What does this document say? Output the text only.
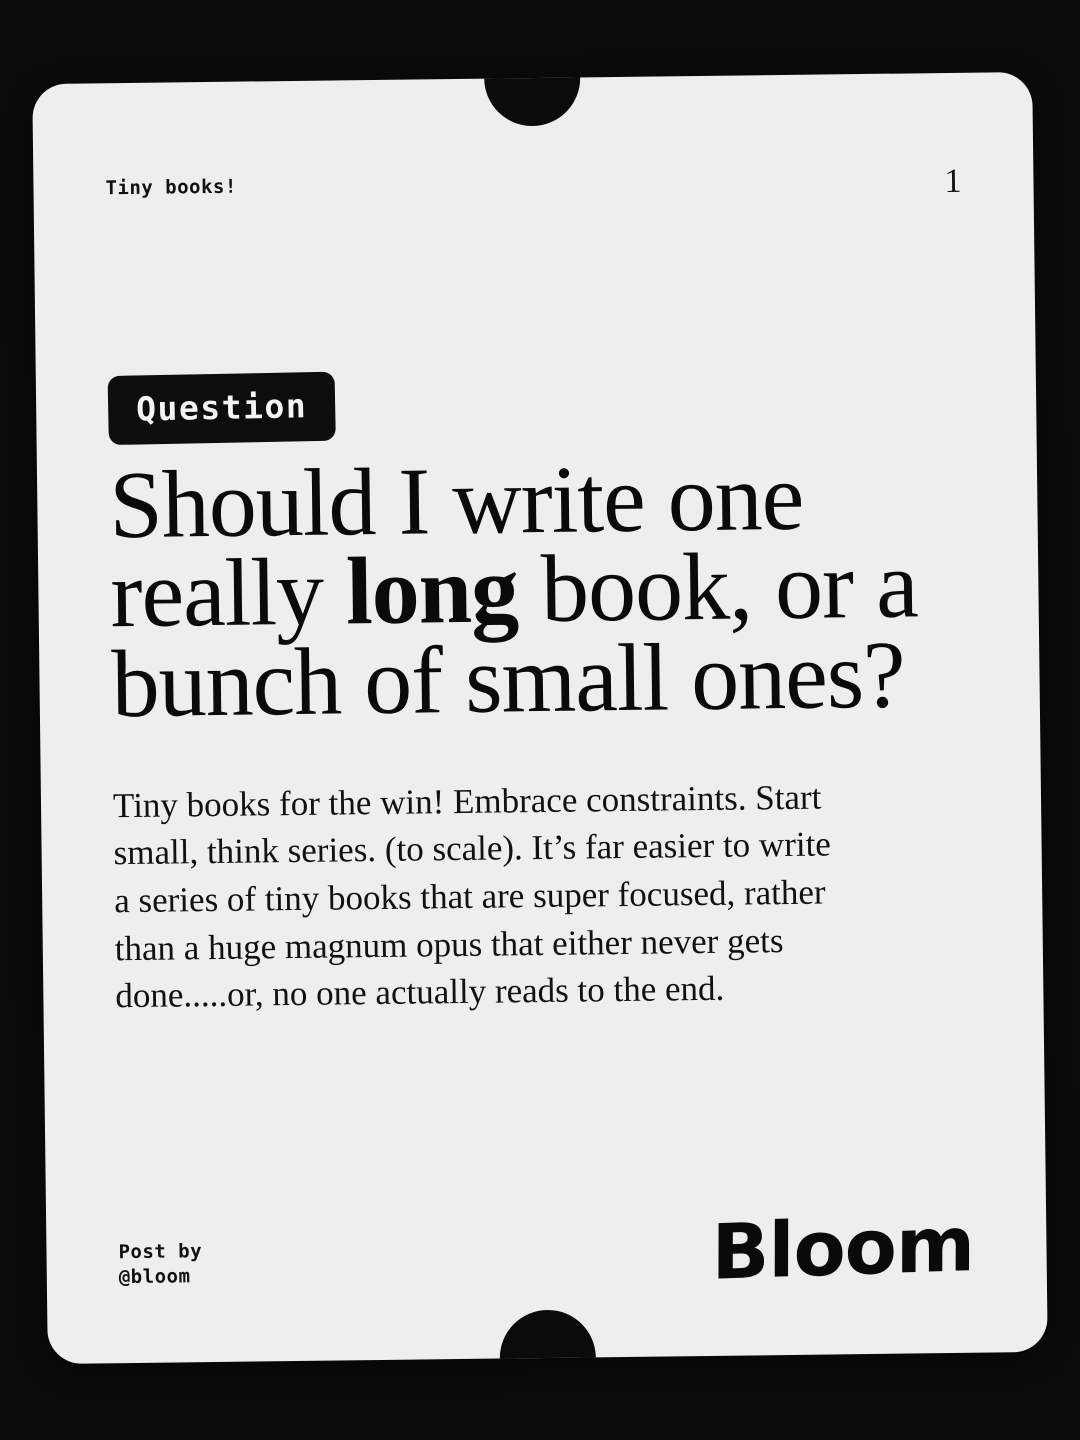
Tiny books!	1
Question
Should I write one really long book, or a bunch of small ones?

Tiny books for the win! Embrace constraints. Start small, think series. (to scale). It’s far easier to write a series of tiny books that are super focused, rather than a huge magnum opus that either never gets done.....or, no one actually reads to the end.

Post by
@bloom	Bloom
